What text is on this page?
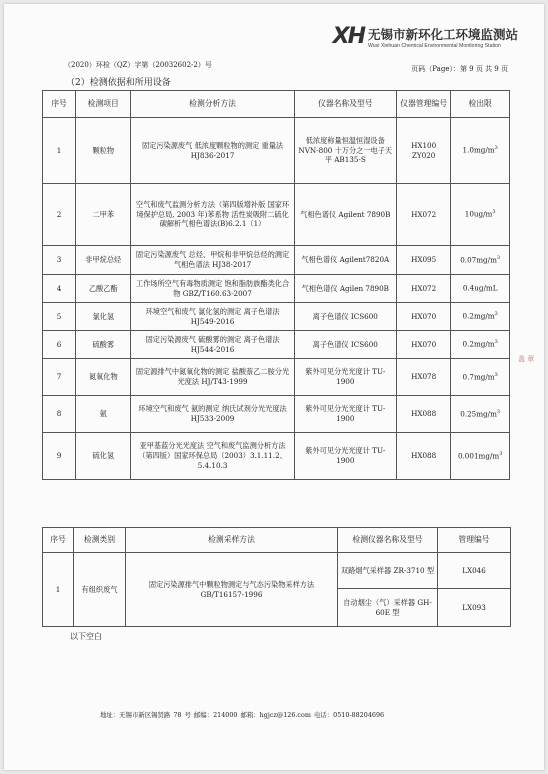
XH 无锡市新环化工环境监测站
Wuxi Xinhuan Chemical Environmental Monitoring Station
（2020）环检（QZ）字第（20032602-2）号	页码（Page）：第 9 页 共 9 页
（2）检测依据和所用设备
序号	检测项目	检测分析方法	仪器名称及型号	仪器管理编号	检出限
1	颗粒物	固定污染源废气 低浓度颗粒物的测定 重量法 HJ836-2017	低浓度称量恒温恒湿设备 NVN-800 十万分之一电子天平 AB135-S	HX100 ZY020	$1.0mg/m^3$
2	二甲苯	空气和废气监测分析方法（第四版增补版 国家环境保护总局, 2003 年)苯系物 活性炭吸附二硫化碳解析气相色谱法(B)6.2.1（1）	气相色谱仪 Agilent 7890B	HX072	$10ug/m^3$
3	非甲烷总烃	固定污染源废气 总烃、甲烷和非甲烷总烃的测定 气相色谱法 HJ38-2017	气相色谱仪 Agilent7820A	HX095	$0.07mg/m^3$
4	乙酸乙酯	工作场所空气有毒物质测定 饱和脂肪族酯类化合物 GBZ/T160.63-2007	气相色谱仪 Agilen 7890B	HX072	0.4ug/mL
5	氯化氢	环境空气和废气 氯化氢的测定 离子色谱法 HJ549-2016	离子色谱仪 ICS600	HX070	$0.2mg/m^3$
6	硫酸雾	固定污染源废气 硫酸雾的测定 离子色谱法 HJ544-2016	离子色谱仪 ICS600	HX070	$0.2mg/m^3$
7	氮氧化物	固定源排气中氮氧化物的测定 盐酸萘乙二胺分光光度法 HJ/T43-1999	紫外可见分光光度计 TU-1900	HX078	$0.7mg/m^3$
8	氨	环境空气和废气 氨的测定 纳氏试剂分光光度法 HJ533-2009	紫外可见分光光度计 TU-1900	HX088	$0.25mg/m^3$
9	硫化氢	亚甲基蓝分光光度法 空气和废气监测分析方法（第四版）国家环保总局（2003）3.1.11.2、5.4.10.3	紫外可见分光光度计 TU-1900	HX088	$0.001mg/m^3$
序号	检测类别	检测采样方法	检测仪器名称及型号	管理编号
1	有组织废气	固定污染源排气中颗粒物测定与气态污染物采样方法 GB/T16157-1996	双路烟气采样器 ZR-3710 型	LX046
			自动烟尘（气）采样器 GH-60E 型	LX093
以下空白
地址：无锡市新区锡贤路 78 号 邮编：214000 邮箱：hgjcz@126.com 电话：0510-88204696
盖 章
